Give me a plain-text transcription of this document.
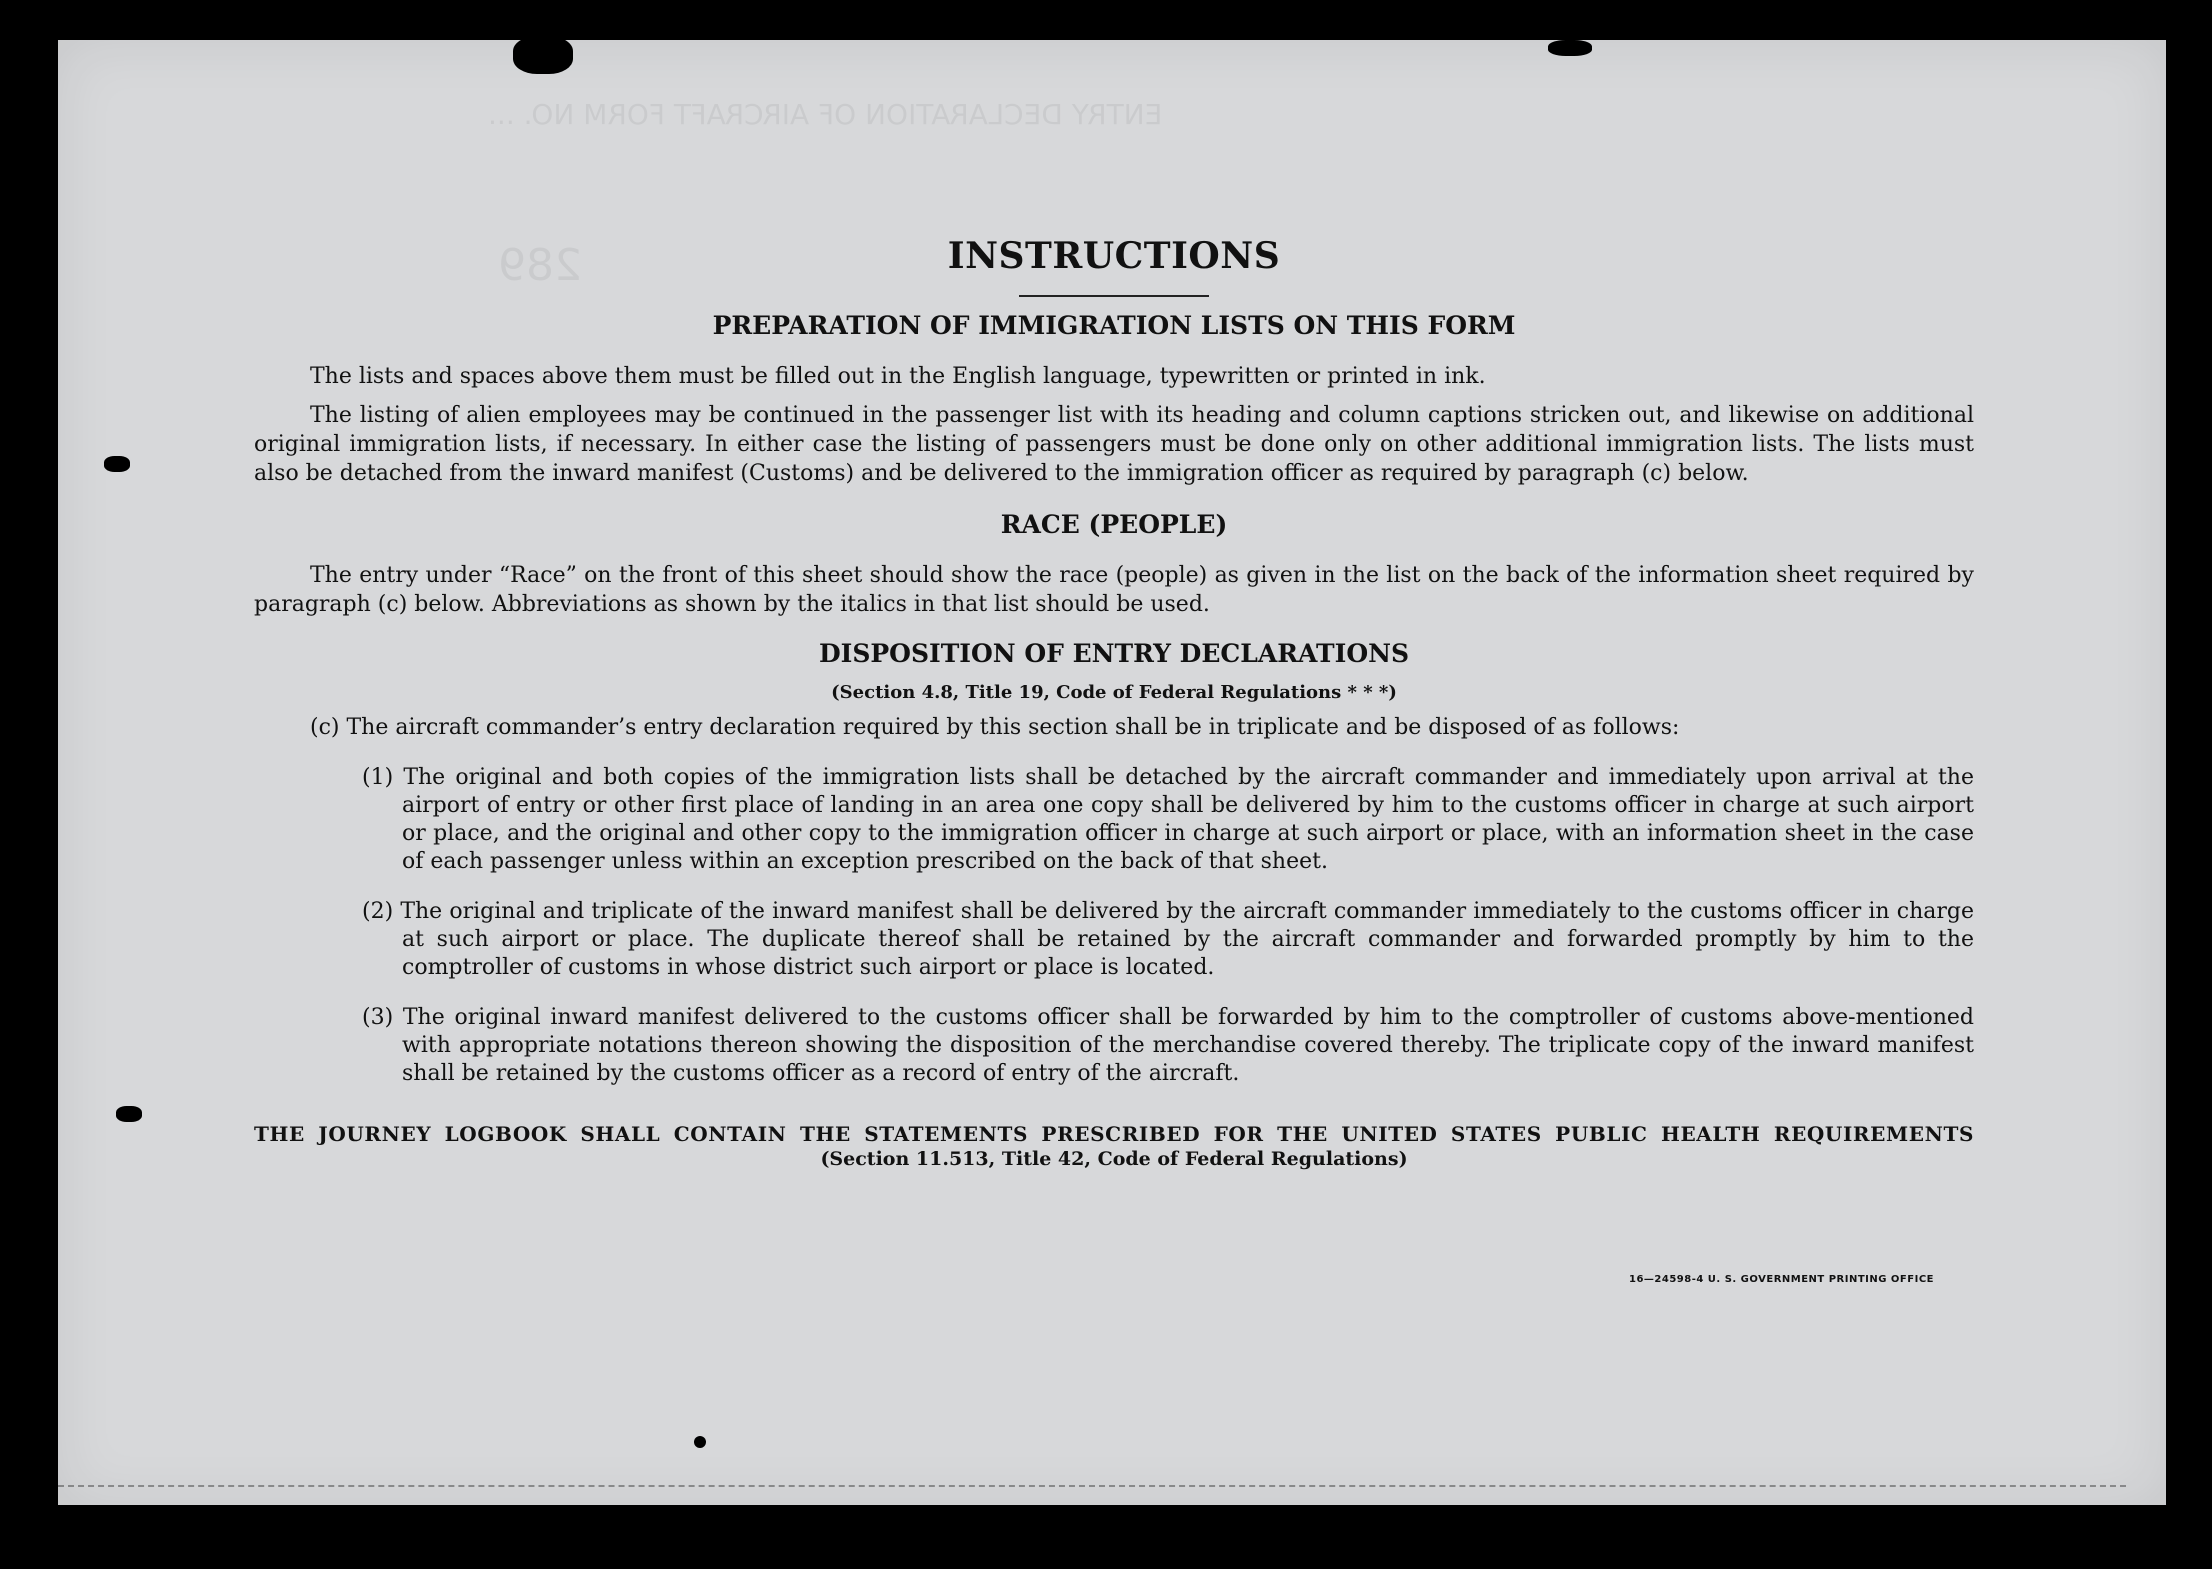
ENTRY DECLARATION OF AIRCRAFT FORM NO. ...
289	INSTRUCTIONS
PREPARATION OF IMMIGRATION LISTS ON THIS FORM

The lists and spaces above them must be filled out in the English language, typewritten or printed in ink.

The listing of alien employees may be continued in the passenger list with its heading and column captions stricken out, and likewise on additional original immigration lists, if necessary. In either case the listing of passengers must be done only on other additional immigration lists. The lists must also be detached from the inward manifest (Customs) and be delivered to the immigration officer as required by paragraph (c) below.

RACE (PEOPLE)

The entry under “Race” on the front of this sheet should show the race (people) as given in the list on the back of the information sheet required by paragraph (c) below. Abbreviations as shown by the italics in that list should be used.

DISPOSITION OF ENTRY DECLARATIONS

(Section 4.8, Title 19, Code of Federal Regulations * * *)

(c) The aircraft commander’s entry declaration required by this section shall be in triplicate and be disposed of as follows:

(1) The original and both copies of the immigration lists shall be detached by the aircraft commander and immediately upon arrival at the airport of entry or other first place of landing in an area one copy shall be delivered by him to the customs officer in charge at such airport or place, and the original and other copy to the immigration officer in charge at such airport or place, with an information sheet in the case of each passenger unless within an exception prescribed on the back of that sheet.

(2) The original and triplicate of the inward manifest shall be delivered by the aircraft commander immediately to the customs officer in charge at such airport or place. The duplicate thereof shall be retained by the aircraft commander and forwarded promptly by him to the comptroller of customs in whose district such airport or place is located.

(3) The original inward manifest delivered to the customs officer shall be forwarded by him to the comptroller of customs above-mentioned with appropriate notations thereon showing the disposition of the merchandise covered thereby. The triplicate copy of the inward manifest shall be retained by the customs officer as a record of entry of the aircraft.

THE JOURNEY LOGBOOK SHALL CONTAIN THE STATEMENTS PRESCRIBED FOR THE UNITED STATES PUBLIC HEALTH REQUIREMENTS

(Section 11.513, Title 42, Code of Federal Regulations)

16—24598-4 U. S. GOVERNMENT PRINTING OFFICE
